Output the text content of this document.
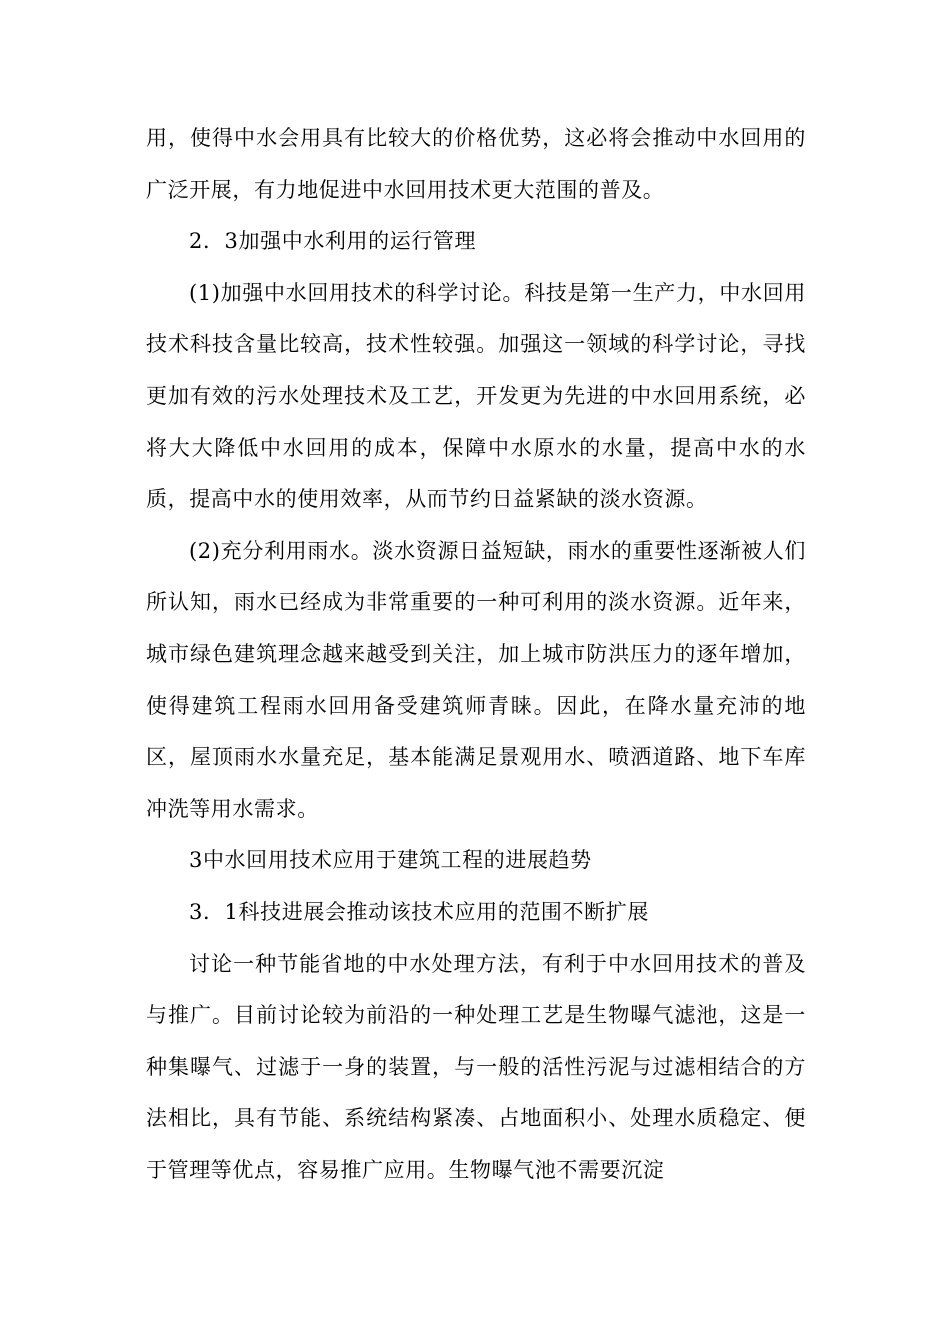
用，使得中水会用具有比较大的价格优势，这必将会推动中水回用的广泛开展，有力地促进中水回用技术更大范围的普及。

2．3加强中水利用的运行管理

(1)加强中水回用技术的科学讨论。科技是第一生产力，中水回用技术科技含量比较高，技术性较强。加强这一领域的科学讨论，寻找更加有效的污水处理技术及工艺，开发更为先进的中水回用系统，必将大大降低中水回用的成本，保障中水原水的水量，提高中水的水质，提高中水的使用效率，从而节约日益紧缺的淡水资源。

(2)充分利用雨水。淡水资源日益短缺，雨水的重要性逐渐被人们所认知，雨水已经成为非常重要的一种可利用的淡水资源。近年来，城市绿色建筑理念越来越受到关注，加上城市防洪压力的逐年增加，使得建筑工程雨水回用备受建筑师青睐。因此，在降水量充沛的地区，屋顶雨水水量充足，基本能满足景观用水、喷洒道路、地下车库冲洗等用水需求。

3中水回用技术应用于建筑工程的进展趋势

3．1科技进展会推动该技术应用的范围不断扩展

讨论一种节能省地的中水处理方法，有利于中水回用技术的普及与推广。目前讨论较为前沿的一种处理工艺是生物曝气滤池，这是一种集曝气、过滤于一身的装置，与一般的活性污泥与过滤相结合的方法相比，具有节能、系统结构紧凑、占地面积小、处理水质稳定、便于管理等优点，容易推广应用。生物曝气池不需要沉淀
